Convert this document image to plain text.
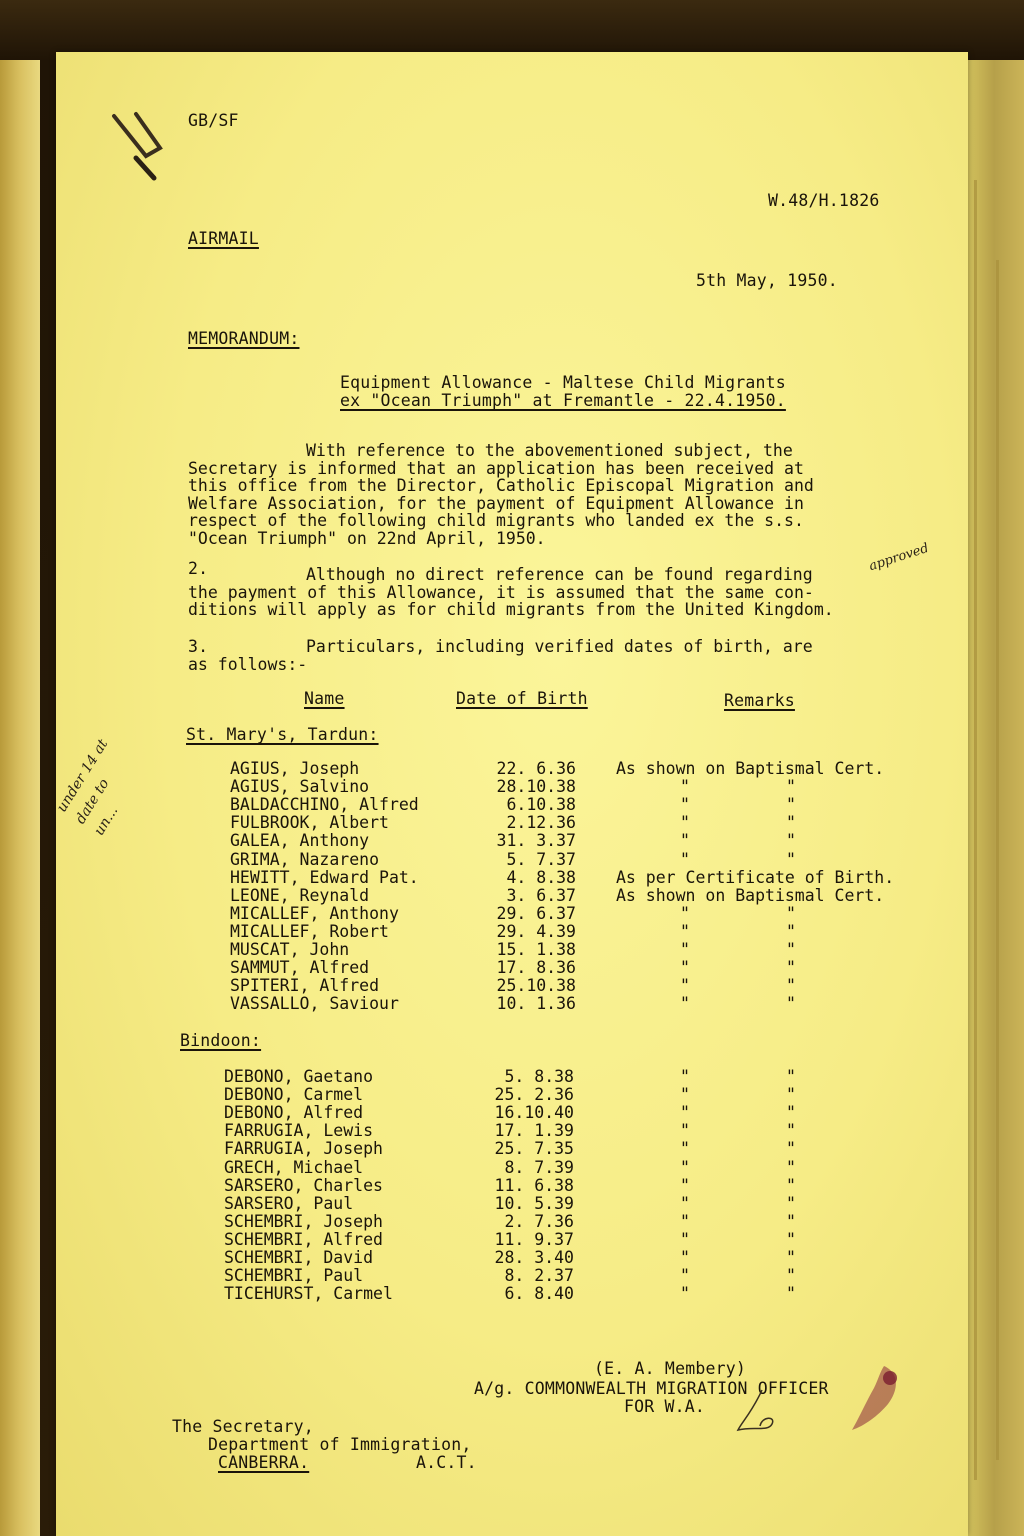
GB/SF
W.48/H.1826
AIRMAIL
5th May, 1950.
MEMORANDUM:
Equipment Allowance - Maltese Child Migrants
ex "Ocean Triumph" at Fremantle - 22.4.1950.
With reference to the abovementioned subject, the
Secretary is informed that an application has been received at
this office from the Director, Catholic Episcopal Migration and
Welfare Association, for the payment of Equipment Allowance in
respect of the following child migrants who landed ex the s.s.
"Ocean Triumph" on 22nd April, 1950.
2.	Although no direct reference can be found regarding
the payment of this Allowance, it is assumed that the same con-
ditions will apply as for child migrants from the United Kingdom.
3.	Particulars, including verified dates of birth, are
as follows:-
Name	Date of Birth	Remarks
St. Mary's, Tardun:
AGIUS, Joseph	22. 6.36 As shown on Baptismal Cert.
AGIUS, Salvino	28.10.38	"	"
BALDACCHINO, Alfred	6.10.38	"	"
FULBROOK, Albert	2.12.36	"	"
GALEA, Anthony	31. 3.37	"	"
GRIMA, Nazareno	5. 7.37	"	"
HEWITT, Edward Pat.	4. 8.38 As per Certificate of Birth.
LEONE, Reynald	3. 6.37 As shown on Baptismal Cert.
MICALLEF, Anthony	29. 6.37	"	"
MICALLEF, Robert	29. 4.39	"	"
MUSCAT, John	15. 1.38	"	"
SAMMUT, Alfred	17. 8.36	"	"
SPITERI, Alfred	25.10.38	"	"
VASSALLO, Saviour	10. 1.36	"	"
Bindoon:
DEBONO, Gaetano	5. 8.38	"	"
DEBONO, Carmel	25. 2.36	"	"
DEBONO, Alfred	16.10.40	"	"
FARRUGIA, Lewis	17. 1.39	"	"
FARRUGIA, Joseph	25. 7.35	"	"
GRECH, Michael	8. 7.39	"	"
SARSERO, Charles	11. 6.38	"	"
SARSERO, Paul	10. 5.39	"	"
SCHEMBRI, Joseph	2. 7.36	"	"
SCHEMBRI, Alfred	11. 9.37	"	"
SCHEMBRI, David	28. 3.40	"	"
SCHEMBRI, Paul	8. 2.37	"	"
TICEHURST, Carmel	6. 8.40	"	"
(E. A. Membery)
A/g. COMMONWEALTH MIGRATION OFFICER
FOR W.A.
The Secretary,
Department of Immigration,
CANBERRA.	A.C.T.
under 14 at
date to
un...
approved
